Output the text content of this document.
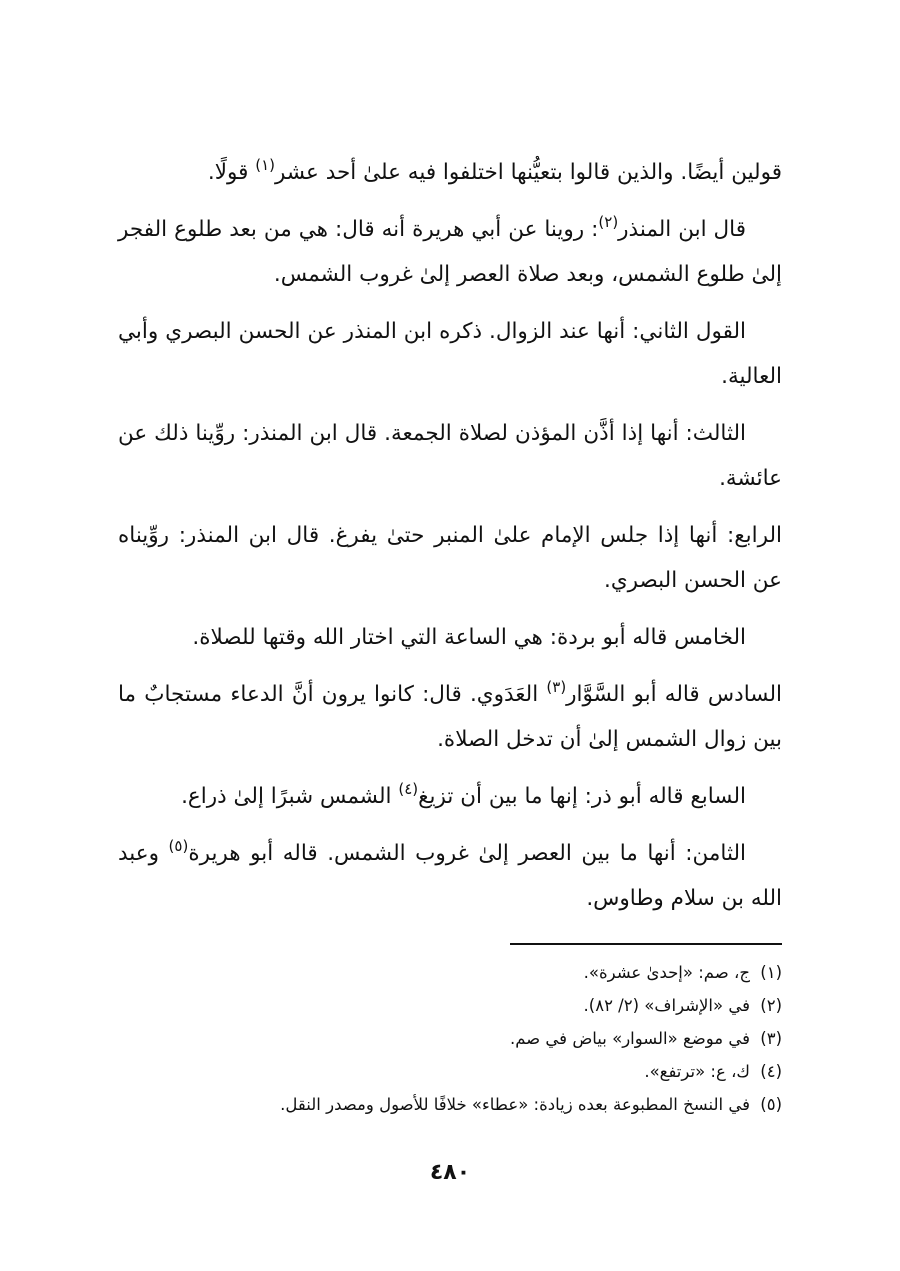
قولين أيضًا. والذين قالوا بتعيُّنها اختلفوا فيه علىٰ أحد عشر$^{(١)}$ قولًا.

قال ابن المنذر$^{(٢)}$: روينا عن أبي هريرة أنه قال: هي من بعد طلوع الفجر إلىٰ طلوع الشمس، وبعد صلاة العصر إلىٰ غروب الشمس.

القول الثاني: أنها عند الزوال. ذكره ابن المنذر عن الحسن البصري وأبي العالية.

الثالث: أنها إذا أذَّن المؤذن لصلاة الجمعة. قال ابن المنذر: روِّينا ذلك عن عائشة.

الرابع: أنها إذا جلس الإمام علىٰ المنبر حتىٰ يفرغ. قال ابن المنذر: روِّيناه عن الحسن البصري.

الخامس قاله أبو بردة: هي الساعة التي اختار الله وقتها للصلاة.

السادس قاله أبو السَّوَّار$^{(٣)}$ العَدَوي. قال: كانوا يرون أنَّ الدعاء مستجابٌ ما بين زوال الشمس إلىٰ أن تدخل الصلاة.

السابع قاله أبو ذر: إنها ما بين أن تزيغ$^{(٤)}$ الشمس شبرًا إلىٰ ذراع.

الثامن: أنها ما بين العصر إلىٰ غروب الشمس. قاله أبو هريرة$^{(٥)}$ وعبد الله بن سلام وطاوس.

(١)ج، صم: «إحدىٰ عشرة».

(٢)في «الإشراف» (٢/ ٨٢).

(٣)في موضع «السوار» بياض في صم.

(٤)ك، ع: «ترتفع».

(٥)في النسخ المطبوعة بعده زيادة: «عطاء» خلافًا للأصول ومصدر النقل.

٤٨٠
